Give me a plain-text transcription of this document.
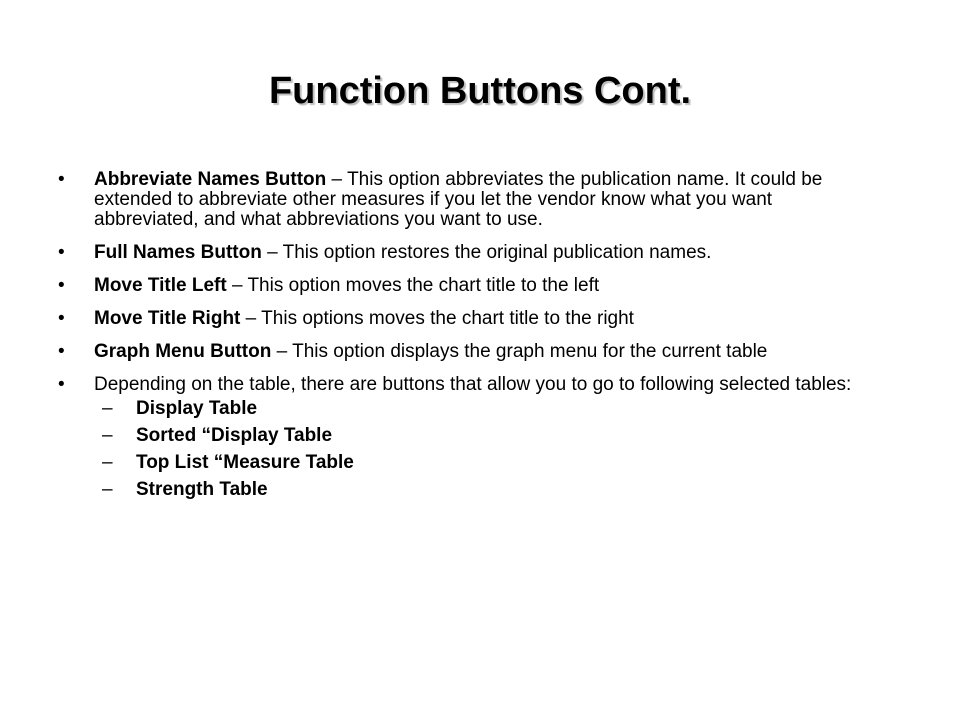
Function Buttons Cont.
• Abbreviate Names Button – This option abbreviates the publication name. It could be extended to abbreviate other measures if you let the vendor know what you want abbreviated, and what abbreviations you want to use.
• Full Names Button – This option restores the original publication names.
• Move Title Left – This option moves the chart title to the left
• Move Title Right – This options moves the chart title to the right
• Graph Menu Button – This option displays the graph menu for the current table
• Depending on the table, there are buttons that allow you to go to following selected tables:
– Display Table
– Sorted “Display Table
– Top List “Measure Table
– Strength Table
